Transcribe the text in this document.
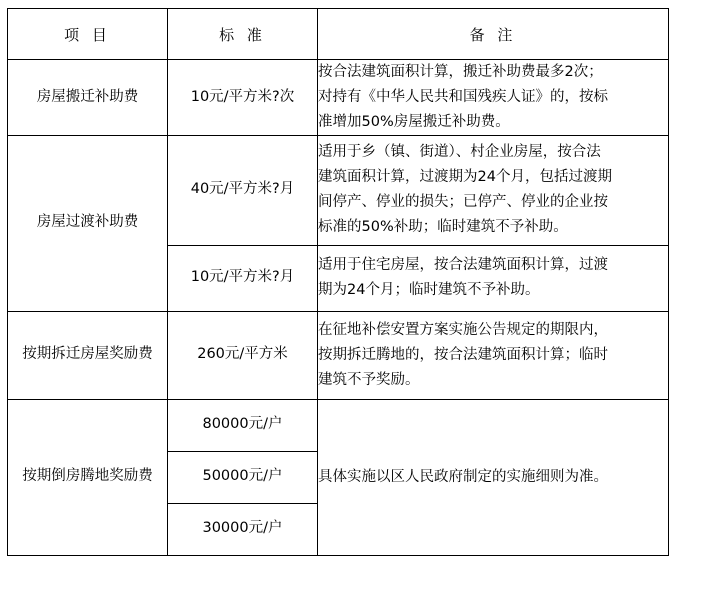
项 目	标 准	备 注
房屋搬迁补助费	10元/平方米?次	按合法建筑面积计算，搬迁补助费最多2次；
对持有《中华人民共和国残疾人证》的，按标
准增加50%房屋搬迁补助费。

房屋过渡补助费	40元/平方米?月	适用于乡（镇、街道）、村企业房屋，按合法
建筑面积计算，过渡期为24个月，包括过渡期
间停产、停业的损失；已停产、停业的企业按
标准的50%补助；临时建筑不予补助。

	10元/平方米?月	适用于住宅房屋，按合法建筑面积计算，过渡
期为24个月；临时建筑不予补助。

按期拆迁房屋奖励费	260元/平方米	在征地补偿安置方案实施公告规定的期限内，
按期拆迁腾地的，按合法建筑面积计算；临时
建筑不予奖励。

按期倒房腾地奖励费	80000元/户	具体实施以区人民政府制定的实施细则为准。

	50000元/户	
	30000元/户	
